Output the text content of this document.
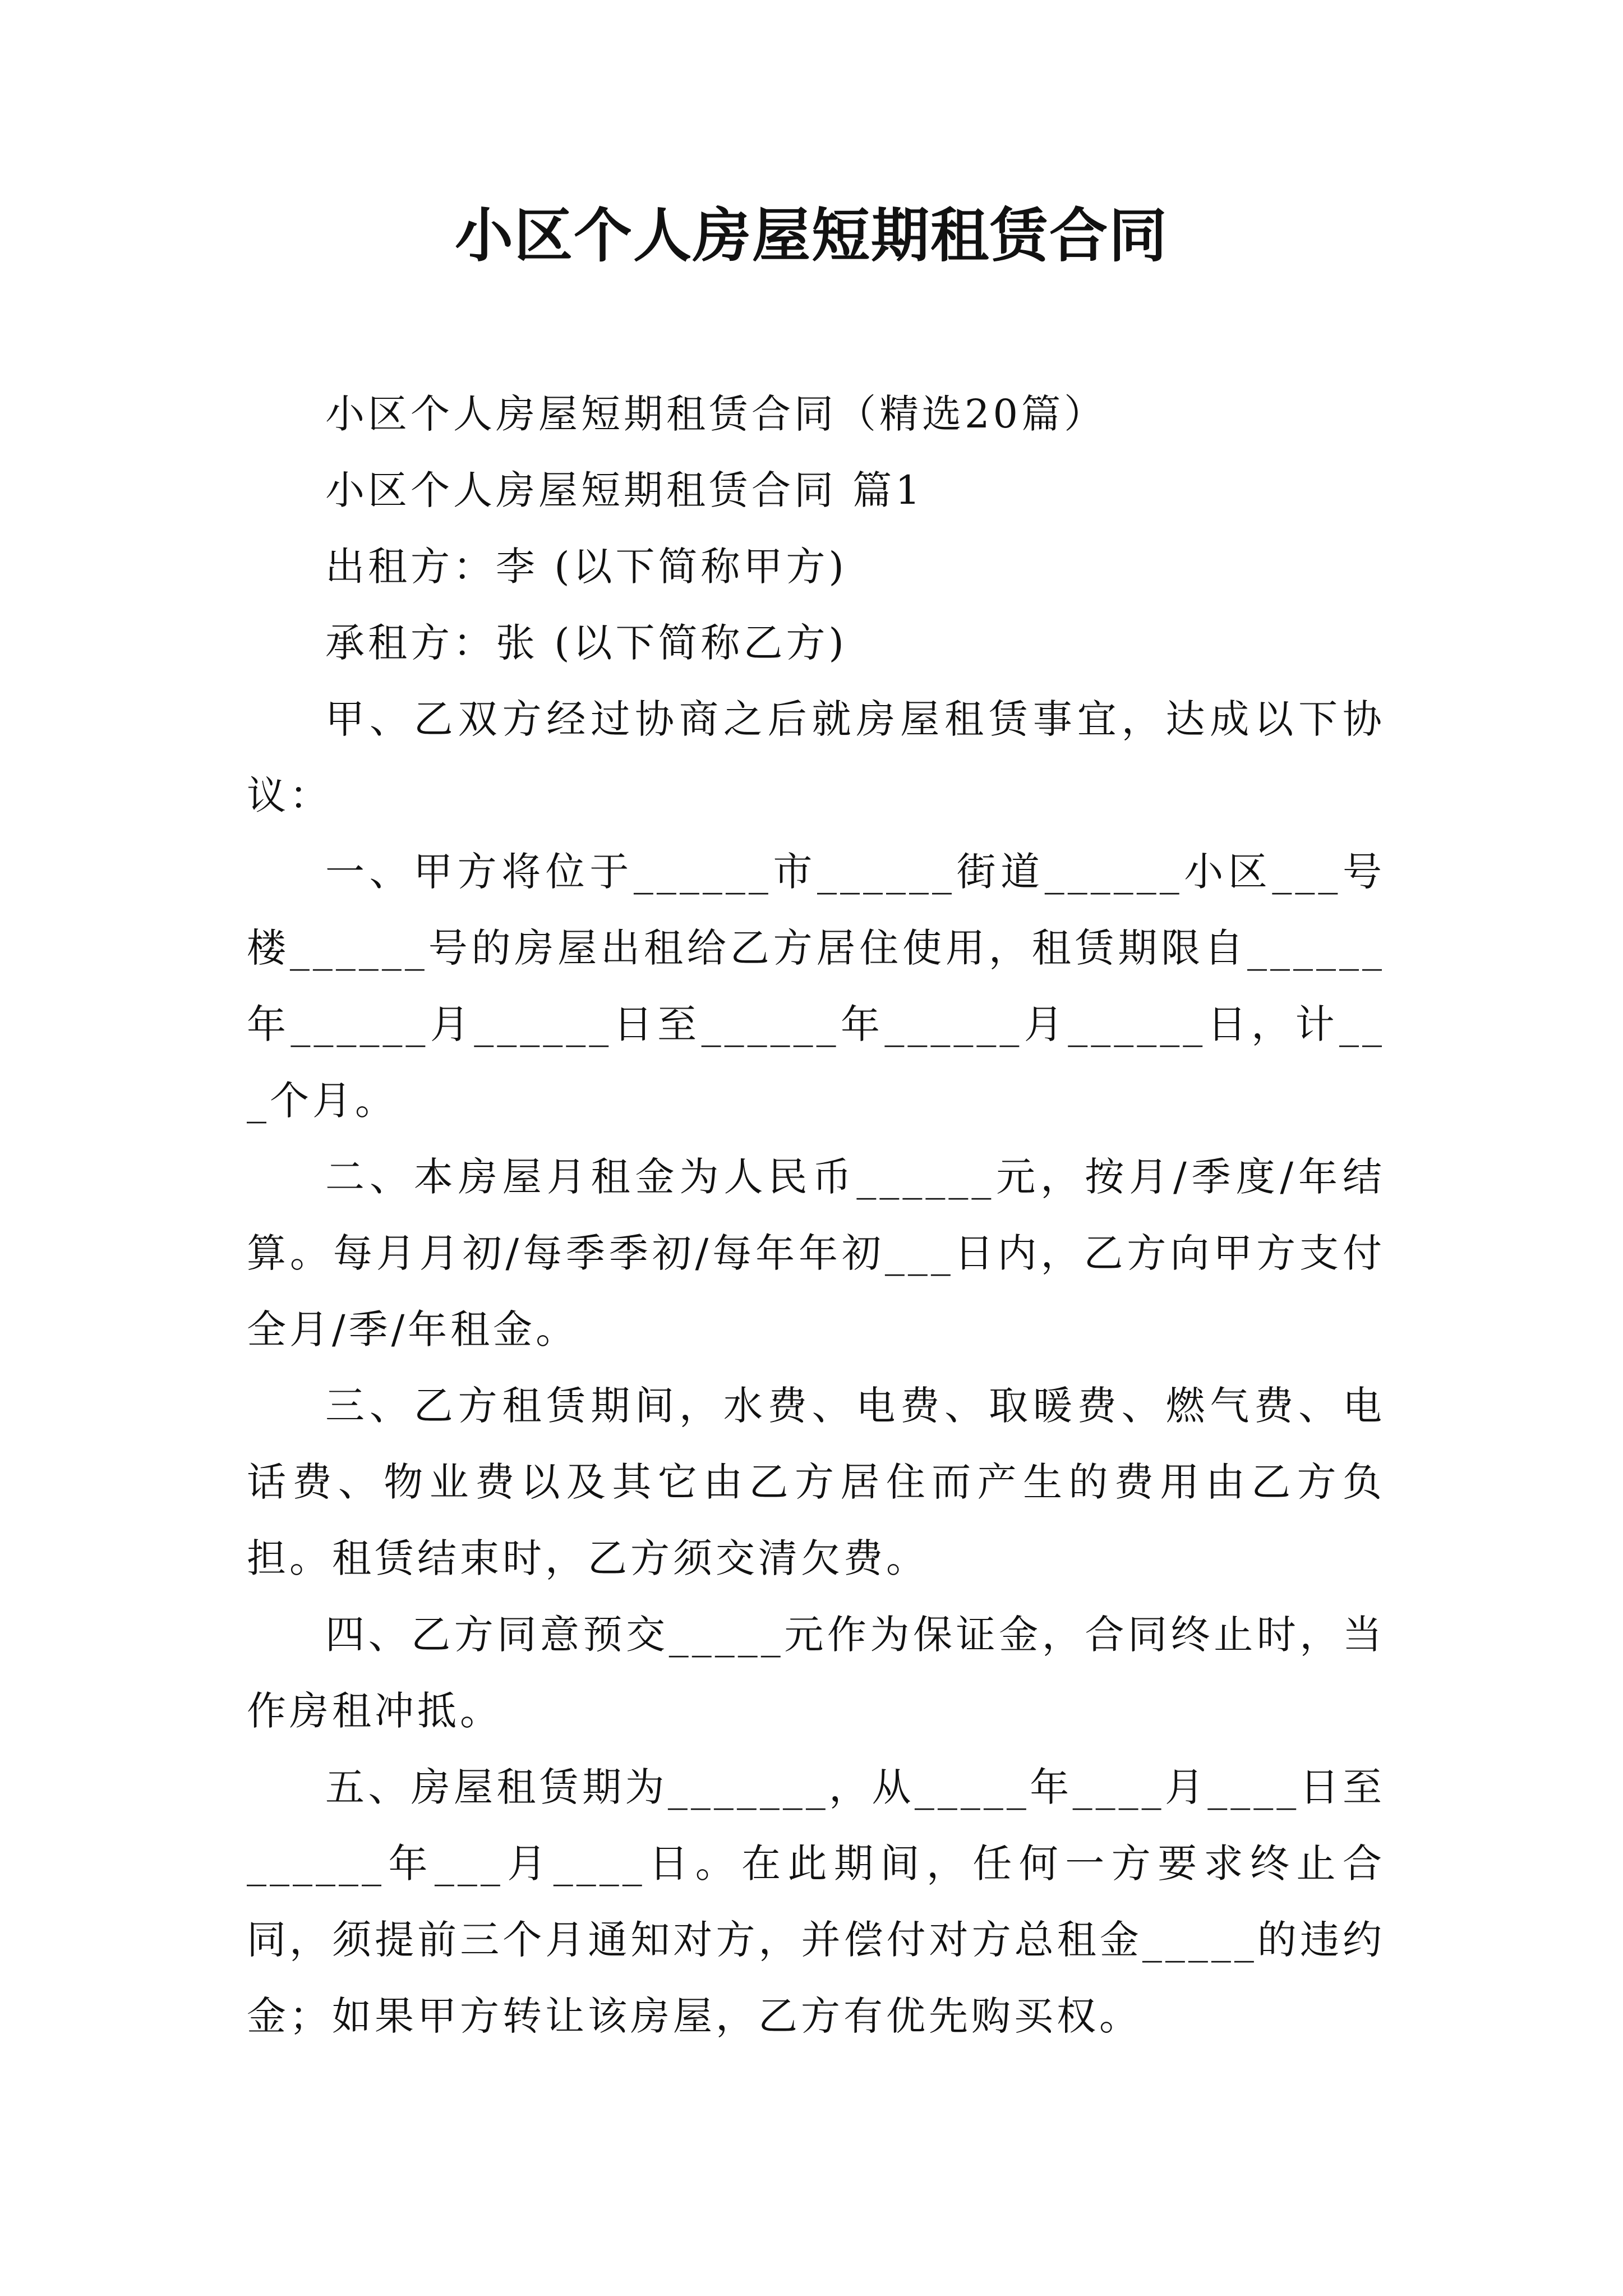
小区个人房屋短期租赁合同

小区个人房屋短期租赁合同（精选20篇）

小区个人房屋短期租赁合同 篇1

出租方：李 (以下简称甲方)

承租方：张 (以下简称乙方)

甲、乙双方经过协商之后就房屋租赁事宜，达成以下协议：

一、甲方将位于______市______街道______小区___号楼______号的房屋出租给乙方居住使用，租赁期限自______年______月______日至______年______月______日，计___个月。

二、本房屋月租金为人民币______元，按月/季度/年结算。每月月初/每季季初/每年年初___日内，乙方向甲方支付全月/季/年租金。

三、乙方租赁期间，水费、电费、取暖费、燃气费、电话费、物业费以及其它由乙方居住而产生的费用由乙方负担。租赁结束时，乙方须交清欠费。

四、乙方同意预交_____元作为保证金，合同终止时，当作房租冲抵。

五、房屋租赁期为_______，从_____年____月____日至______年___月____日。在此期间，任何一方要求终止合同，须提前三个月通知对方，并偿付对方总租金_____的违约金；如果甲方转让该房屋，乙方有优先购买权。
